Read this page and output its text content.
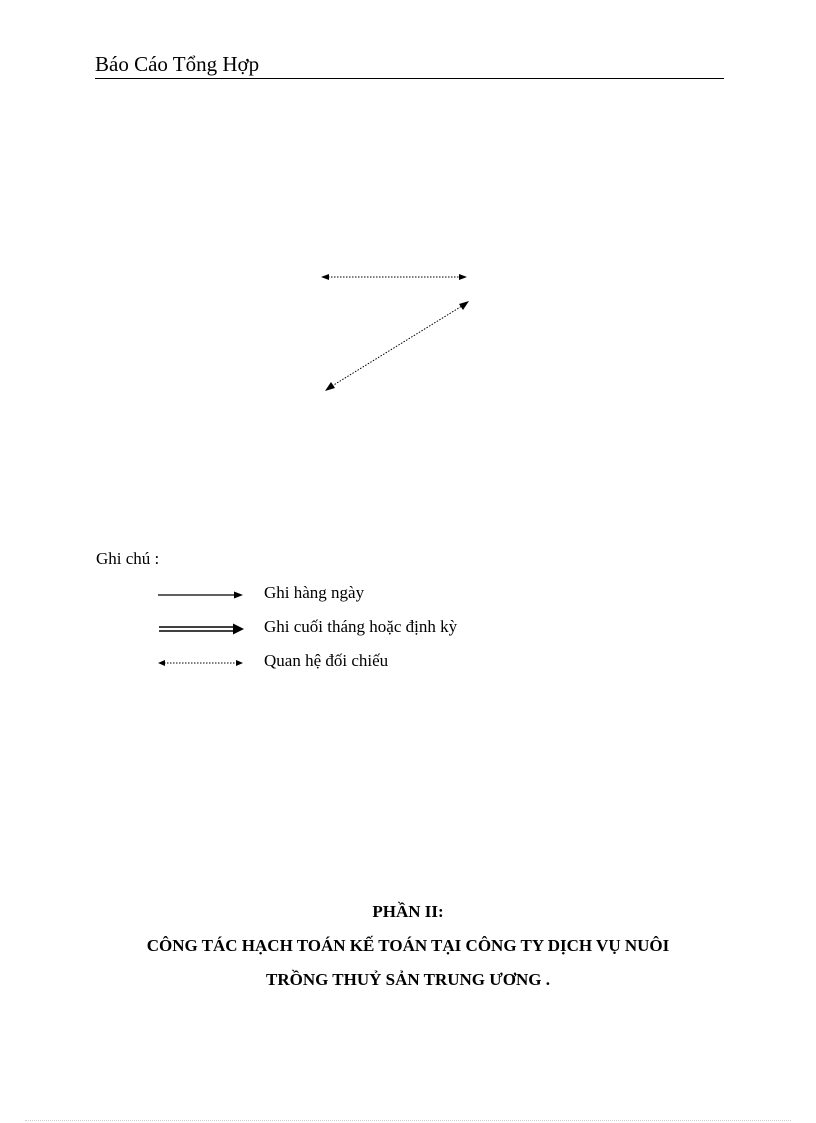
Báo Cáo Tổng Hợp
Ghi chú :
Ghi hàng ngày
Ghi cuối tháng hoặc định kỳ
Quan hệ đối chiếu
PHẦN II:
CÔNG TÁC HẠCH TOÁN KẾ TOÁN TẠI CÔNG TY DỊCH VỤ NUÔI
TRỒNG THUỶ SẢN TRUNG ƯƠNG .
